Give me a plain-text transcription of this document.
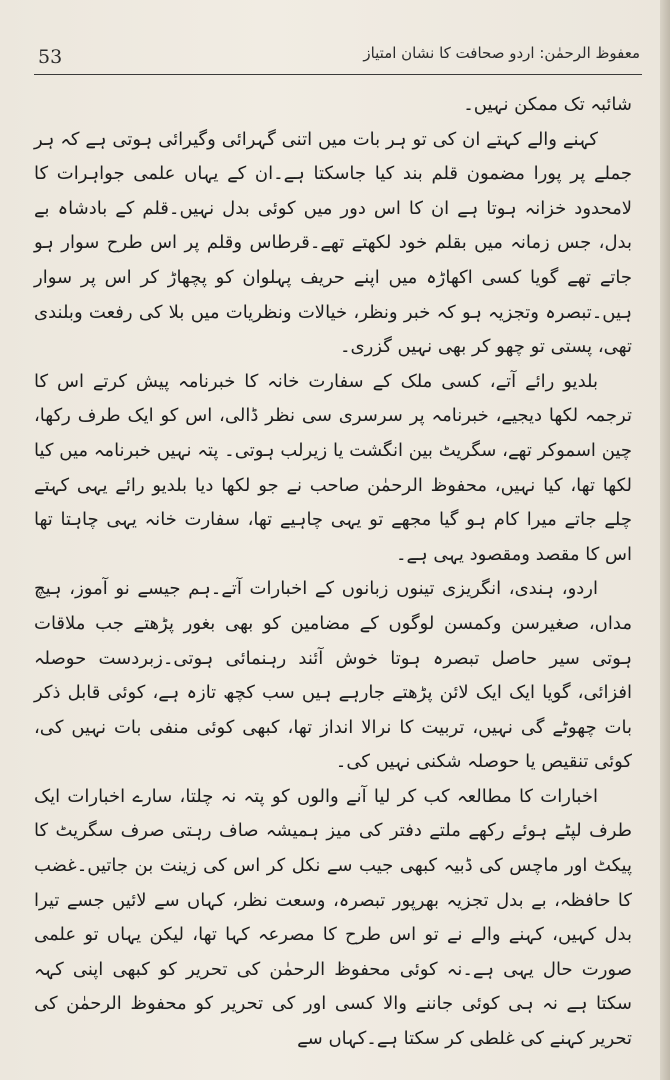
53	معفوظ الرحمٰن: اردو صحافت کا نشان امتیاز

شائبہ تک ممکن نہیں۔

کہنے والے کہتے ان کی تو ہر بات میں اتنی گہرائی وگیرائی ہوتی ہے کہ ہر جملے پر پورا مضمون قلم بند کیا جاسکتا ہے۔ان کے یہاں علمی جواہرات کا لامحدود خزانہ ہوتا ہے ان کا اس دور میں کوئی بدل نہیں۔قلم کے بادشاہ بے بدل، جس زمانہ میں بقلم خود لکھتے تھے۔قرطاس وقلم پر اس طرح سوار ہو جاتے تھے گویا کسی اکھاڑہ میں اپنے حریف پہلوان کو پچھاڑ کر اس پر سوار ہیں۔تبصرہ وتجزیہ ہو کہ خبر ونظر، خیالات ونظریات میں بلا کی رفعت وبلندی تھی، پستی تو چھو کر بھی نہیں گزری۔

بلدیو رائے آتے، کسی ملک کے سفارت خانہ کا خبرنامہ پیش کرتے اس کا ترجمہ لکھا دیجیے، خبرنامہ پر سرسری سی نظر ڈالی، اس کو ایک طرف رکھا، چین اسموکر تھے، سگریٹ بین انگشت یا زیرلب ہوتی۔ پتہ نہیں خبرنامہ میں کیا لکھا تھا، کیا نہیں، محفوظ الرحمٰن صاحب نے جو لکھا دیا بلدیو رائے یہی کہتے چلے جاتے میرا کام ہو گیا مجھے تو یہی چاہیے تھا، سفارت خانہ یہی چاہتا تھا اس کا مقصد ومقصود یہی ہے۔

اردو، ہندی، انگریزی تینوں زبانوں کے اخبارات آتے۔ہم جیسے نو آموز، ہیچ مداں، صغیرسن وکمسن لوگوں کے مضامین کو بھی بغور پڑھتے جب ملاقات ہوتی سیر حاصل تبصرہ ہوتا خوش آئند رہنمائی ہوتی۔زبردست حوصلہ افزائی، گویا ایک ایک لائن پڑھتے جارہے ہیں سب کچھ تازہ ہے، کوئی قابل ذکر بات چھوٹے گی نہیں، تربیت کا نرالا انداز تھا، کبھی کوئی منفی بات نہیں کی، کوئی تنقیص یا حوصلہ شکنی نہیں کی۔

اخبارات کا مطالعہ کب کر لیا آنے والوں کو پتہ نہ چلتا، سارے اخبارات ایک طرف لپٹے ہوئے رکھے ملتے دفتر کی میز ہمیشہ صاف رہتی صرف سگریٹ کا پیکٹ اور ماچس کی ڈبیہ کبھی جیب سے نکل کر اس کی زینت بن جاتیں۔غضب کا حافظہ، بے بدل تجزیہ بھرپور تبصرہ، وسعت نظر، کہاں سے لائیں جسے تیرا بدل کہیں، کہنے والے نے تو اس طرح کا مصرعہ کہا تھا، لیکن یہاں تو علمی صورت حال یہی ہے۔نہ کوئی محفوظ الرحمٰن کی تحریر کو کبھی اپنی کہہ سکتا ہے نہ ہی کوئی جاننے والا کسی اور کی تحریر کو محفوظ الرحمٰن کی تحریر کہنے کی غلطی کر سکتا ہے۔کہاں سے
